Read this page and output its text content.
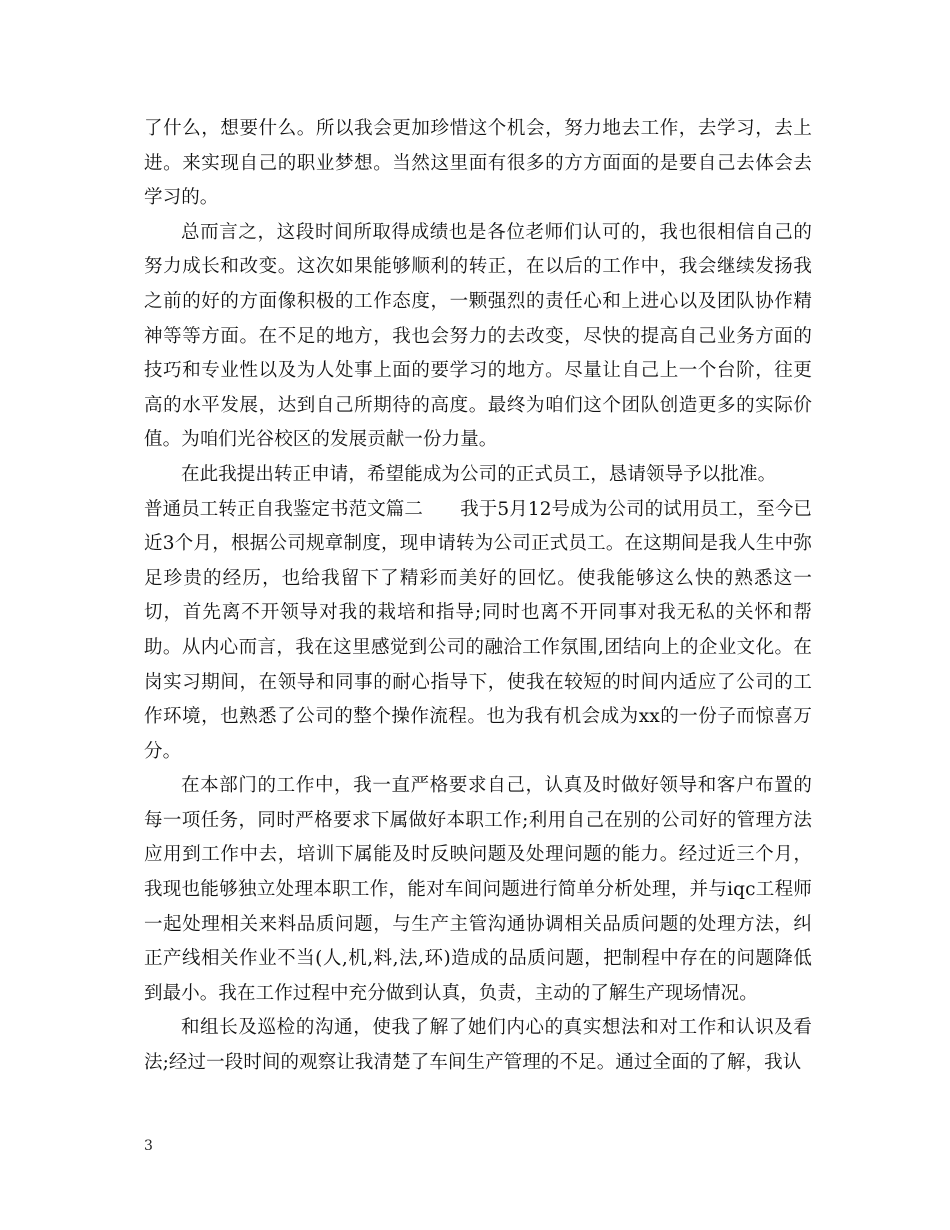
了什么，想要什么。所以我会更加珍惜这个机会，努力地去工作，去学习，去上进。来实现自己的职业梦想。当然这里面有很多的方方面面的是要自己去体会去学习的。

总而言之，这段时间所取得成绩也是各位老师们认可的，我也很相信自己的努力成长和改变。这次如果能够顺利的转正，在以后的工作中，我会继续发扬我之前的好的方面像积极的工作态度，一颗强烈的责任心和上进心以及团队协作精神等等方面。在不足的地方，我也会努力的去改变，尽快的提高自己业务方面的技巧和专业性以及为人处事上面的要学习的地方。尽量让自己上一个台阶，往更高的水平发展，达到自己所期待的高度。最终为咱们这个团队创造更多的实际价值。为咱们光谷校区的发展贡献一份力量。

在此我提出转正申请，希望能成为公司的正式员工，恳请领导予以批准。

普通员工转正自我鉴定书范文篇二　　我于5月12号成为公司的试用员工，至今已近3个月，根据公司规章制度，现申请转为公司正式员工。在这期间是我人生中弥足珍贵的经历，也给我留下了精彩而美好的回忆。使我能够这么快的熟悉这一切，首先离不开领导对我的栽培和指导;同时也离不开同事对我无私的关怀和帮助。从内心而言，我在这里感觉到公司的融洽工作氛围,团结向上的企业文化。在岗实习期间，在领导和同事的耐心指导下，使我在较短的时间内适应了公司的工作环境，也熟悉了公司的整个操作流程。也为我有机会成为xx的一份子而惊喜万分。

在本部门的工作中，我一直严格要求自己，认真及时做好领导和客户布置的每一项任务，同时严格要求下属做好本职工作;利用自己在别的公司好的管理方法应用到工作中去，培训下属能及时反映问题及处理问题的能力。经过近三个月，我现也能够独立处理本职工作，能对车间问题进行简单分析处理，并与iqc工程师一起处理相关来料品质问题，与生产主管沟通协调相关品质问题的处理方法，纠正产线相关作业不当(人,机,料,法,环)造成的品质问题，把制程中存在的问题降低到最小。我在工作过程中充分做到认真，负责，主动的了解生产现场情况。

和组长及巡检的沟通，使我了解了她们内心的真实想法和对工作和认识及看法;经过一段时间的观察让我清楚了车间生产管理的不足。通过全面的了解，我认

3
